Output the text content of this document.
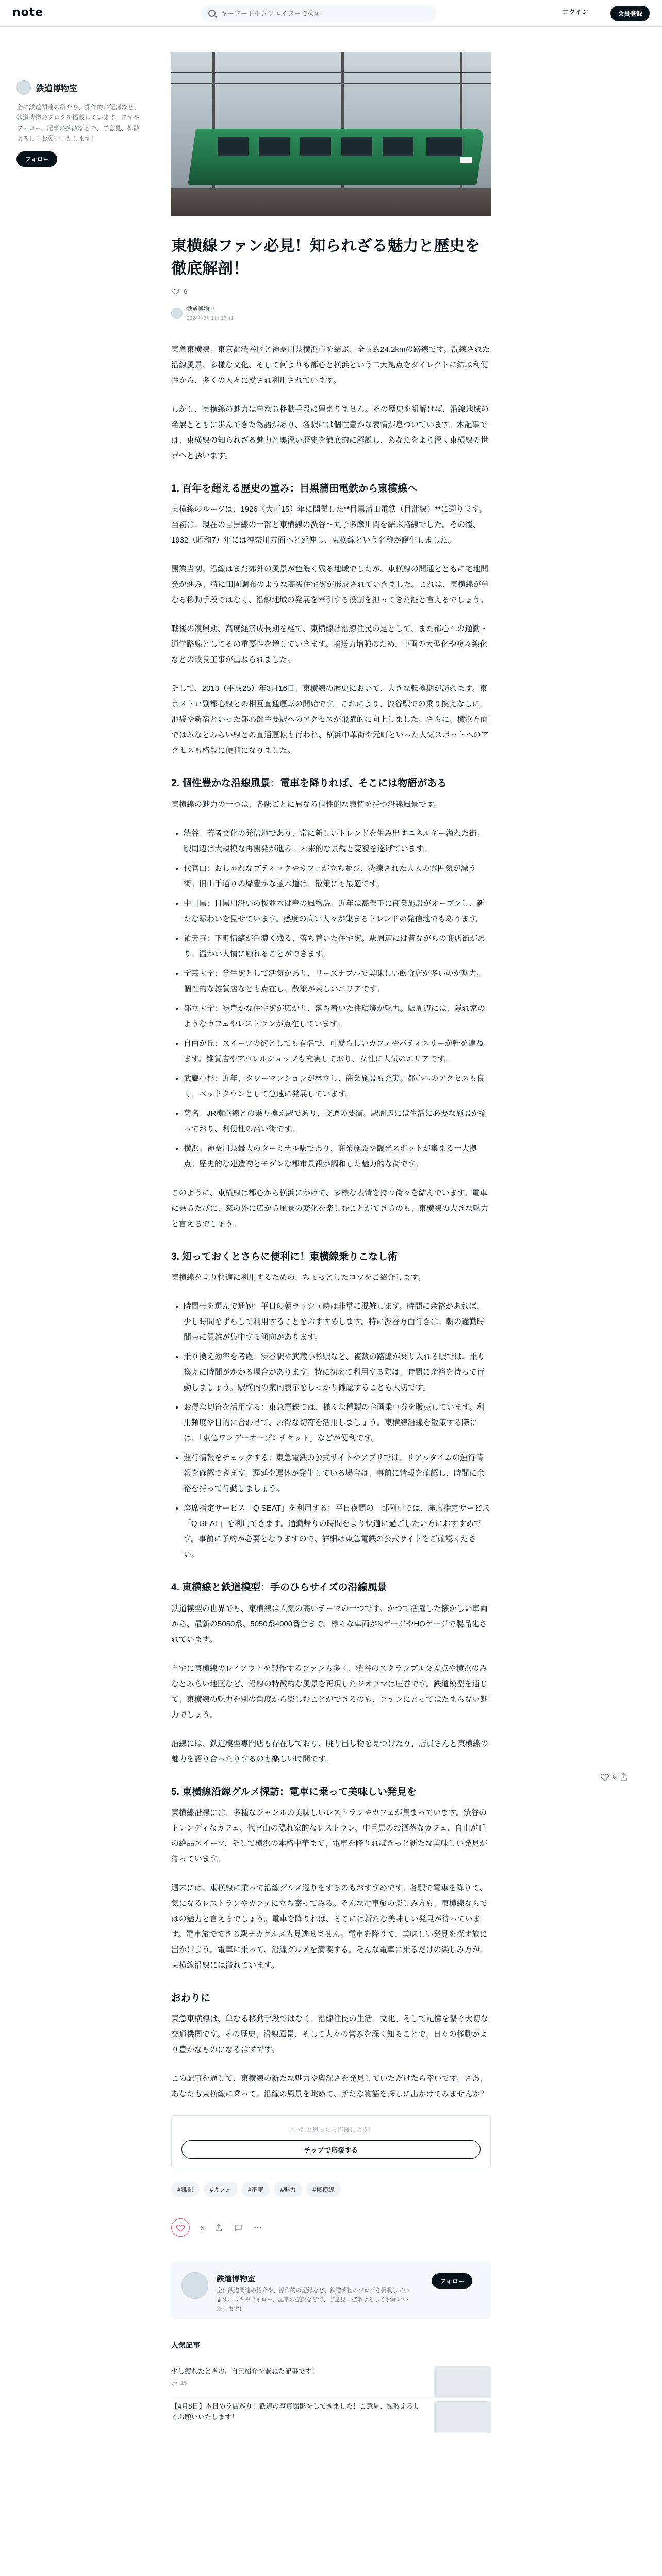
note
キーワードやクリエイターで検索	ログイン	会員登録
鉄道博物室
全に鉄道関連の紹介や、操作的の記録など、鉄道博物のブログを掲載しています。スキやフォロー、記事の拡散などで、ご意見、拡散よろしくお願いいたします！
フォロー
東横線ファン必見！知られざる魅力と歴史を徹底解剖！
6
鉄道博物室
2024年8月1日 17:41

東急東横線。東京都渋谷区と神奈川県横浜市を結ぶ、全長約24.2kmの路線です。洗練された沿線風景、多様な文化、そして何よりも都心と横浜という二大拠点をダイレクトに結ぶ利便性から、多くの人々に愛され利用されています。

しかし、東横線の魅力は単なる移動手段に留まりません。その歴史を紐解けば、沿線地域の発展とともに歩んできた物語があり、各駅には個性豊かな表情が息づいています。本記事では、東横線の知られざる魅力と奥深い歴史を徹底的に解説し、あなたをより深く東横線の世界へと誘います。

1. 百年を超える歴史の重み：目黒蒲田電鉄から東横線へ

東横線のルーツは、1926（大正15）年に開業した**目黒蒲田電鉄（目蒲線）**に遡ります。当初は、現在の目黒線の一部と東横線の渋谷～丸子多摩川間を結ぶ路線でした。その後、1932（昭和7）年には神奈川方面へと延伸し、東横線という名称が誕生しました。

開業当初、沿線はまだ郊外の風景が色濃く残る地域でしたが、東横線の開通とともに宅地開発が進み、特に田園調布のような高級住宅街が形成されていきました。これは、東横線が単なる移動手段ではなく、沿線地域の発展を牽引する役割を担ってきた証と言えるでしょう。

戦後の復興期、高度経済成長期を経て、東横線は沿線住民の足として、また都心への通勤・通学路線としてその重要性を増していきます。輸送力増強のため、車両の大型化や複々線化などの改良工事が重ねられました。

そして、2013（平成25）年3月16日、東横線の歴史において、大きな転換期が訪れます。東京メトロ副都心線との相互直通運転の開始です。これにより、渋谷駅での乗り換えなしに、池袋や新宿といった都心部主要駅へのアクセスが飛躍的に向上しました。さらに、横浜方面ではみなとみらい線との直通運転も行われ、横浜中華街や元町といった人気スポットへのアクセスも格段に便利になりました。

2. 個性豊かな沿線風景：電車を降りれば、そこには物語がある

東横線の魅力の一つは、各駅ごとに異なる個性的な表情を持つ沿線風景です。

• 渋谷：若者文化の発信地であり、常に新しいトレンドを生み出すエネルギー溢れた街。駅周辺は大規模な再開発が進み、未来的な景観と変貌を遂げています。
• 代官山：おしゃれなブティックやカフェが立ち並び、洗練された大人の雰囲気が漂う街。旧山手通りの緑豊かな並木道は、散策にも最適です。
• 中目黒：目黒川沿いの桜並木は春の風物詩。近年は高架下に商業施設がオープンし、新たな賑わいを見せています。感度の高い人々が集まるトレンドの発信地でもあります。
• 祐天寺：下町情緒が色濃く残る、落ち着いた住宅街。駅周辺には昔ながらの商店街があり、温かい人情に触れることができます。
• 学芸大学：学生街として活気があり、リーズナブルで美味しい飲食店が多いのが魅力。個性的な雑貨店なども点在し、散策が楽しいエリアです。
• 都立大学：緑豊かな住宅街が広がり、落ち着いた住環境が魅力。駅周辺には、隠れ家のようなカフェやレストランが点在しています。
• 自由が丘：スイーツの街としても有名で、可愛らしいカフェやパティスリーが軒を連ねます。雑貨店やアパレルショップも充実しており、女性に人気のエリアです。
• 武蔵小杉：近年、タワーマンションが林立し、商業施設も充実。都心へのアクセスも良く、ベッドタウンとして急速に発展しています。
• 菊名：JR横浜線との乗り換え駅であり、交通の要衝。駅周辺には生活に必要な施設が揃っており、利便性の高い街です。
• 横浜：神奈川県最大のターミナル駅であり、商業施設や観光スポットが集まる一大拠点。歴史的な建造物とモダンな都市景観が調和した魅力的な街です。

このように、東横線は都心から横浜にかけて、多様な表情を持つ街々を結んでいます。電車に乗るたびに、窓の外に広がる風景の変化を楽しむことができるのも、東横線の大きな魅力と言えるでしょう。

3. 知っておくとさらに便利に！東横線乗りこなし術

東横線をより快適に利用するための、ちょっとしたコツをご紹介します。

• 時間帯を選んで通勤：平日の朝ラッシュ時は非常に混雑します。時間に余裕があれば、少し時間をずらして利用することをおすすめします。特に渋谷方面行きは、朝の通勤時間帯に混雑が集中する傾向があります。
• 乗り換え効率を考慮：渋谷駅や武蔵小杉駅など、複数の路線が乗り入れる駅では、乗り換えに時間がかかる場合があります。特に初めて利用する際は、時間に余裕を持って行動しましょう。駅構内の案内表示をしっかり確認することも大切です。
• お得な切符を活用する：東急電鉄では、様々な種類の企画乗車券を販売しています。利用頻度や目的に合わせて、お得な切符を活用しましょう。東横線沿線を散策する際には、「東急ワンデーオープンチケット」などが便利です。
• 運行情報をチェックする：東急電鉄の公式サイトやアプリでは、リアルタイムの運行情報を確認できます。遅延や運休が発生している場合は、事前に情報を確認し、時間に余裕を持って行動しましょう。
• 座席指定サービス「Q SEAT」を利用する：平日夜間の一部列車では、座席指定サービス「Q SEAT」を利用できます。通勤帰りの時間をより快適に過ごしたい方におすすめです。事前に予約が必要となりますので、詳細は東急電鉄の公式サイトをご確認ください。
4. 東横線と鉄道模型：手のひらサイズの沿線風景

鉄道模型の世界でも、東横線は人気の高いテーマの一つです。かつて活躍した懐かしい車両から、最新の5050系、5050系4000番台まで、様々な車両がNゲージやHOゲージで製品化されています。

自宅に東横線のレイアウトを製作するファンも多く、渋谷のスクランブル交差点や横浜のみなとみらい地区など、沿線の特徴的な風景を再現したジオラマは圧巻です。鉄道模型を通じて、東横線の魅力を別の角度から楽しむことができるのも、ファンにとってはたまらない魅力でしょう。

沿線には、鉄道模型専門店も存在しており、眺り出し物を見つけたり、店員さんと東横線の魅力を語り合ったりするのも楽しい時間です。

5. 東横線沿線グルメ探訪：電車に乗って美味しい発見を

東横線沿線には、多種なジャンルの美味しいレストランやカフェが集まっています。渋谷のトレンディなカフェ、代官山の隠れ家的なレストラン、中目黒のお洒落なカフェ、自由が丘の絶品スイーツ、そして横浜の本格中華まで、電車を降りればきっと新たな美味しい発見が待っています。

週末には、東横線に乗って沿線グルメ巡りをするのもおすすめです。各駅で電車を降りて、気になるレストランやカフェに立ち寄ってみる。そんな電車旅の楽しみ方も、東横線ならではの魅力と言えるでしょう。電車を降りれば、そこには新たな美味しい発見が待っています。電車旅でできる駅ナカグルメも見逃せません。電車を降りて、美味しい発見を探す旅に出かけよう。電車に乗って、沿線グルメを満喫する。そんな電車に乗るだけの楽しみ方が、東横線沿線には溢れています。

おわりに

東急東横線は、単なる移動手段ではなく、沿線住民の生活、文化、そして記憶を繋ぐ大切な交通機関です。その歴史、沿線風景、そして人々の営みを深く知ることで、日々の移動がより豊かなものになるはずです。

この記事を通して、東横線の新たな魅力や奥深さを発見していただけたら幸いです。さあ、あなたも東横線に乗って、沿線の風景を眺めて、新たな物語を探しに出かけてみませんか？

いいなと思ったら応援しよう！
チップで応援する
#雑記	#カフェ	#電車	#魅力	#東横線
6
鉄道博物室
全に鉄道関連の紹介や、操作的の記録など、鉄道博物のブログを掲載しています。スキやフォロー、記事の拡散などで、ご意見、拡散よろしくお願いいたします！
フォロー
人気記事
少し疲れたときの、自己紹介を兼ねた記事です！
15
【4月8日】本日のラ店巡り！鉄道の写真撮影をしてきました！ご意見、拡散よろしくお願いいたします！
6
